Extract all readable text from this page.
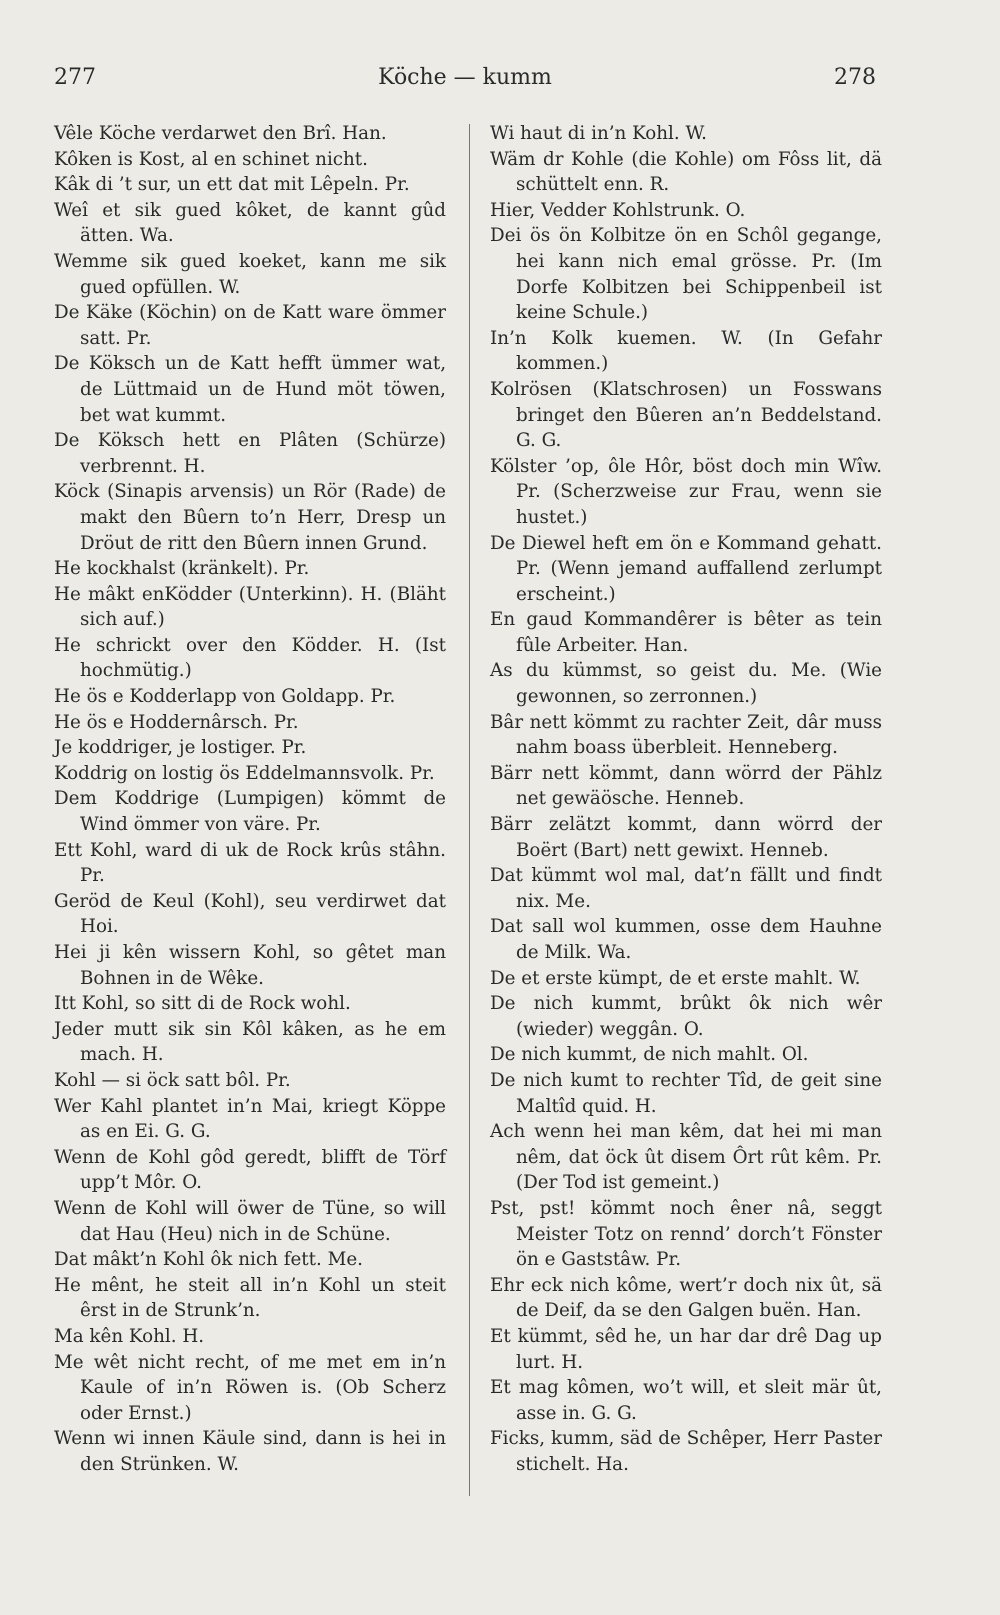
277	Köche — kumm	278

Vêle Köche verdarwet den Brî. Han.

Kôken is Kost, al en schinet nicht.

Kâk di ’t sur, un ett dat mit Lêpeln. Pr.

Weî et sik gued kôket, de kannt gûd ätten. Wa.

Wemme sik gued koeket, kann me sik gued opfüllen. W.

De Käke (Köchin) on de Katt ware ömmer satt. Pr.

De Köksch un de Katt hefft ümmer wat, de Lüttmaid un de Hund möt töwen, bet wat kummt.

De Köksch hett en Plâten (Schürze) verbrennt. H.

Köck (Sinapis arvensis) un Rör (Rade) de makt den Bûern to’n Herr, Dresp un Dröut de ritt den Bûern innen Grund.

He kockhalst (kränkelt). Pr.

He mâkt enKödder (Unterkinn). H. (Bläht sich auf.)

He schrickt over den Ködder. H. (Ist hochmütig.)

He ös e Kodderlapp von Goldapp. Pr.

He ös e Hoddernârsch. Pr.

Je koddriger, je lostiger. Pr.

Koddrig on lostig ös Eddelmannsvolk. Pr.

Dem Koddrige (Lumpigen) kömmt de Wind ömmer von väre. Pr.

Ett Kohl, ward di uk de Rock krûs stâhn. Pr.

Geröd de Keul (Kohl), seu verdirwet dat Hoi.

Hei ji kên wissern Kohl, so gêtet man Bohnen in de Wêke.

Itt Kohl, so sitt di de Rock wohl.

Jeder mutt sik sin Kôl kâken, as he em mach. H.

Kohl — si öck satt bôl. Pr.

Wer Kahl plantet in’n Mai, kriegt Köppe as en Ei. G. G.

Wenn de Kohl gôd geredt, blifft de Törf upp’t Môr. O.

Wenn de Kohl will öwer de Tüne, so will dat Hau (Heu) nich in de Schüne.

Dat mâkt’n Kohl ôk nich fett. Me.

He mênt, he steit all in’n Kohl un steit êrst in de Strunk’n.

Ma kên Kohl. H.

Me wêt nicht recht, of me met em in’n Kaule of in’n Röwen is. (Ob Scherz oder Ernst.)

Wenn wi innen Käule sind, dann is hei in den Strünken. W.

Wi haut di in’n Kohl. W.

Wäm dr Kohle (die Kohle) om Fôss lit, dä schüttelt enn. R.

Hier, Vedder Kohlstrunk. O.

Dei ös ön Kolbitze ön en Schôl gegange, hei kann nich emal grösse. Pr. (Im Dorfe Kolbitzen bei Schippenbeil ist keine Schule.)

In’n Kolk kuemen. W. (In Gefahr kommen.)

Kolrösen (Klatschrosen) un Fosswans bringet den Bûeren an’n Beddelstand. G. G.

Kölster ’op, ôle Hôr, böst doch min Wîw. Pr. (Scherzweise zur Frau, wenn sie hustet.)

De Diewel heft em ön e Kommand gehatt. Pr. (Wenn jemand auffallend zerlumpt erscheint.)

En gaud Kommandêrer is bêter as tein fûle Arbeiter. Han.

As du kümmst, so geist du. Me. (Wie gewonnen, so zerronnen.)

Bâr nett kömmt zu rachter Zeit, dâr muss nahm boass überbleit. Henneberg.

Bärr nett kömmt, dann wörrd der Pählz net gewäösche. Henneb.

Bärr zelätzt kommt, dann wörrd der Boërt (Bart) nett gewixt. Henneb.

Dat kümmt wol mal, dat’n fällt und findt nix. Me.

Dat sall wol kummen, osse dem Hauhne de Milk. Wa.

De et erste kümpt, de et erste mahlt. W.

De nich kummt, brûkt ôk nich wêr (wieder) weggân. O.

De nich kummt, de nich mahlt. Ol.

De nich kumt to rechter Tîd, de geit sine Maltîd quid. H.

Ach wenn hei man kêm, dat hei mi man nêm, dat öck ût disem Ôrt rût kêm. Pr. (Der Tod ist gemeint.)

Pst, pst! kömmt noch êner nâ, seggt Meister Totz on rennd’ dorch’t Fönster ön e Gaststâw. Pr.

Ehr eck nich kôme, wert’r doch nix ût, sä de Deif, da se den Galgen buën. Han.

Et kümmt, sêd he, un har dar drê Dag up lurt. H.

Et mag kômen, wo’t will, et sleit mär ût, asse in. G. G.

Ficks, kumm, säd de Schêper, Herr Paster stichelt. Ha.
